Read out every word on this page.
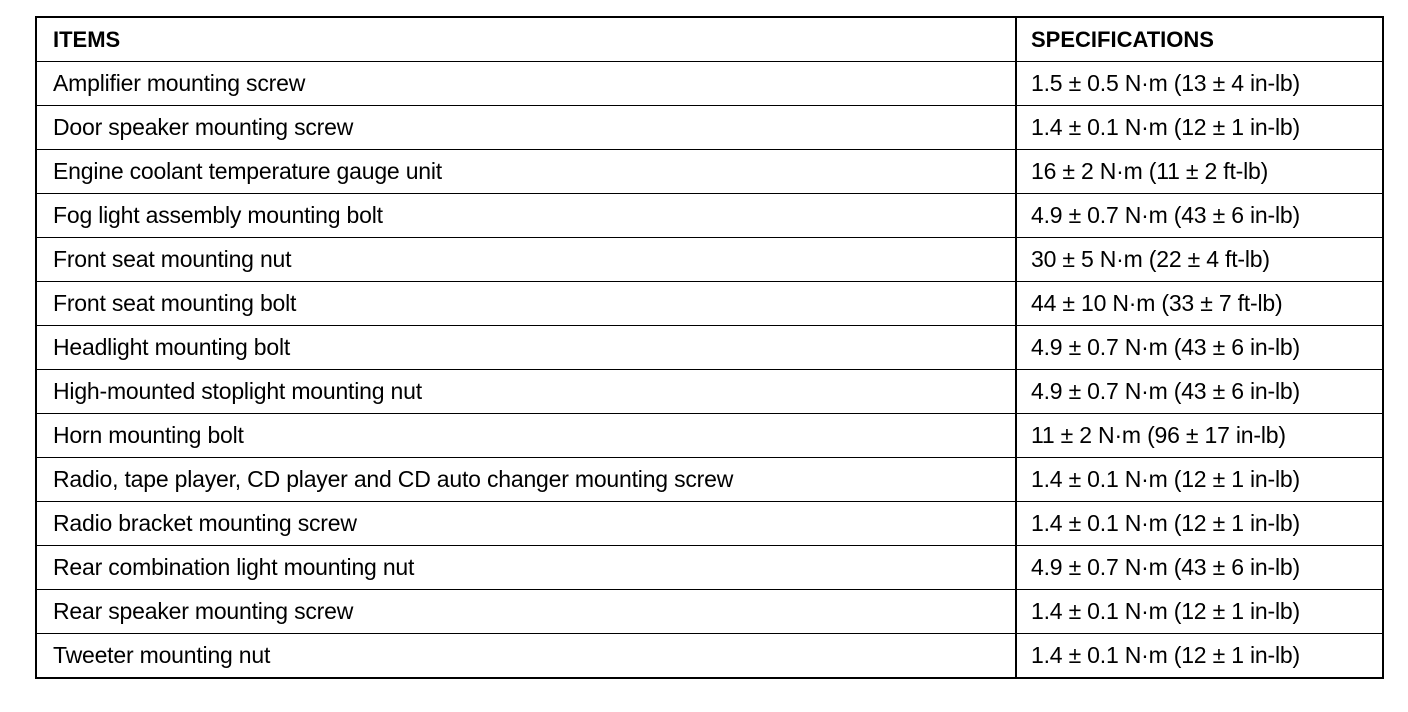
ITEMS	SPECIFICATIONS
Amplifier mounting screw	1.5 ± 0.5 N·m (13 ± 4 in-lb)
Door speaker mounting screw	1.4 ± 0.1 N·m (12 ± 1 in-lb)
Engine coolant temperature gauge unit	16 ± 2 N·m (11 ± 2 ft-lb)
Fog light assembly mounting bolt	4.9 ± 0.7 N·m (43 ± 6 in-lb)
Front seat mounting nut	30 ± 5 N·m (22 ± 4 ft-lb)
Front seat mounting bolt	44 ± 10 N·m (33 ± 7 ft-lb)
Headlight mounting bolt	4.9 ± 0.7 N·m (43 ± 6 in-lb)
High-mounted stoplight mounting nut	4.9 ± 0.7 N·m (43 ± 6 in-lb)
Horn mounting bolt	11 ± 2 N·m (96 ± 17 in-lb)
Radio, tape player, CD player and CD auto changer mounting screw	1.4 ± 0.1 N·m (12 ± 1 in-lb)
Radio bracket mounting screw	1.4 ± 0.1 N·m (12 ± 1 in-lb)
Rear combination light mounting nut	4.9 ± 0.7 N·m (43 ± 6 in-lb)
Rear speaker mounting screw	1.4 ± 0.1 N·m (12 ± 1 in-lb)
Tweeter mounting nut	1.4 ± 0.1 N·m (12 ± 1 in-lb)
